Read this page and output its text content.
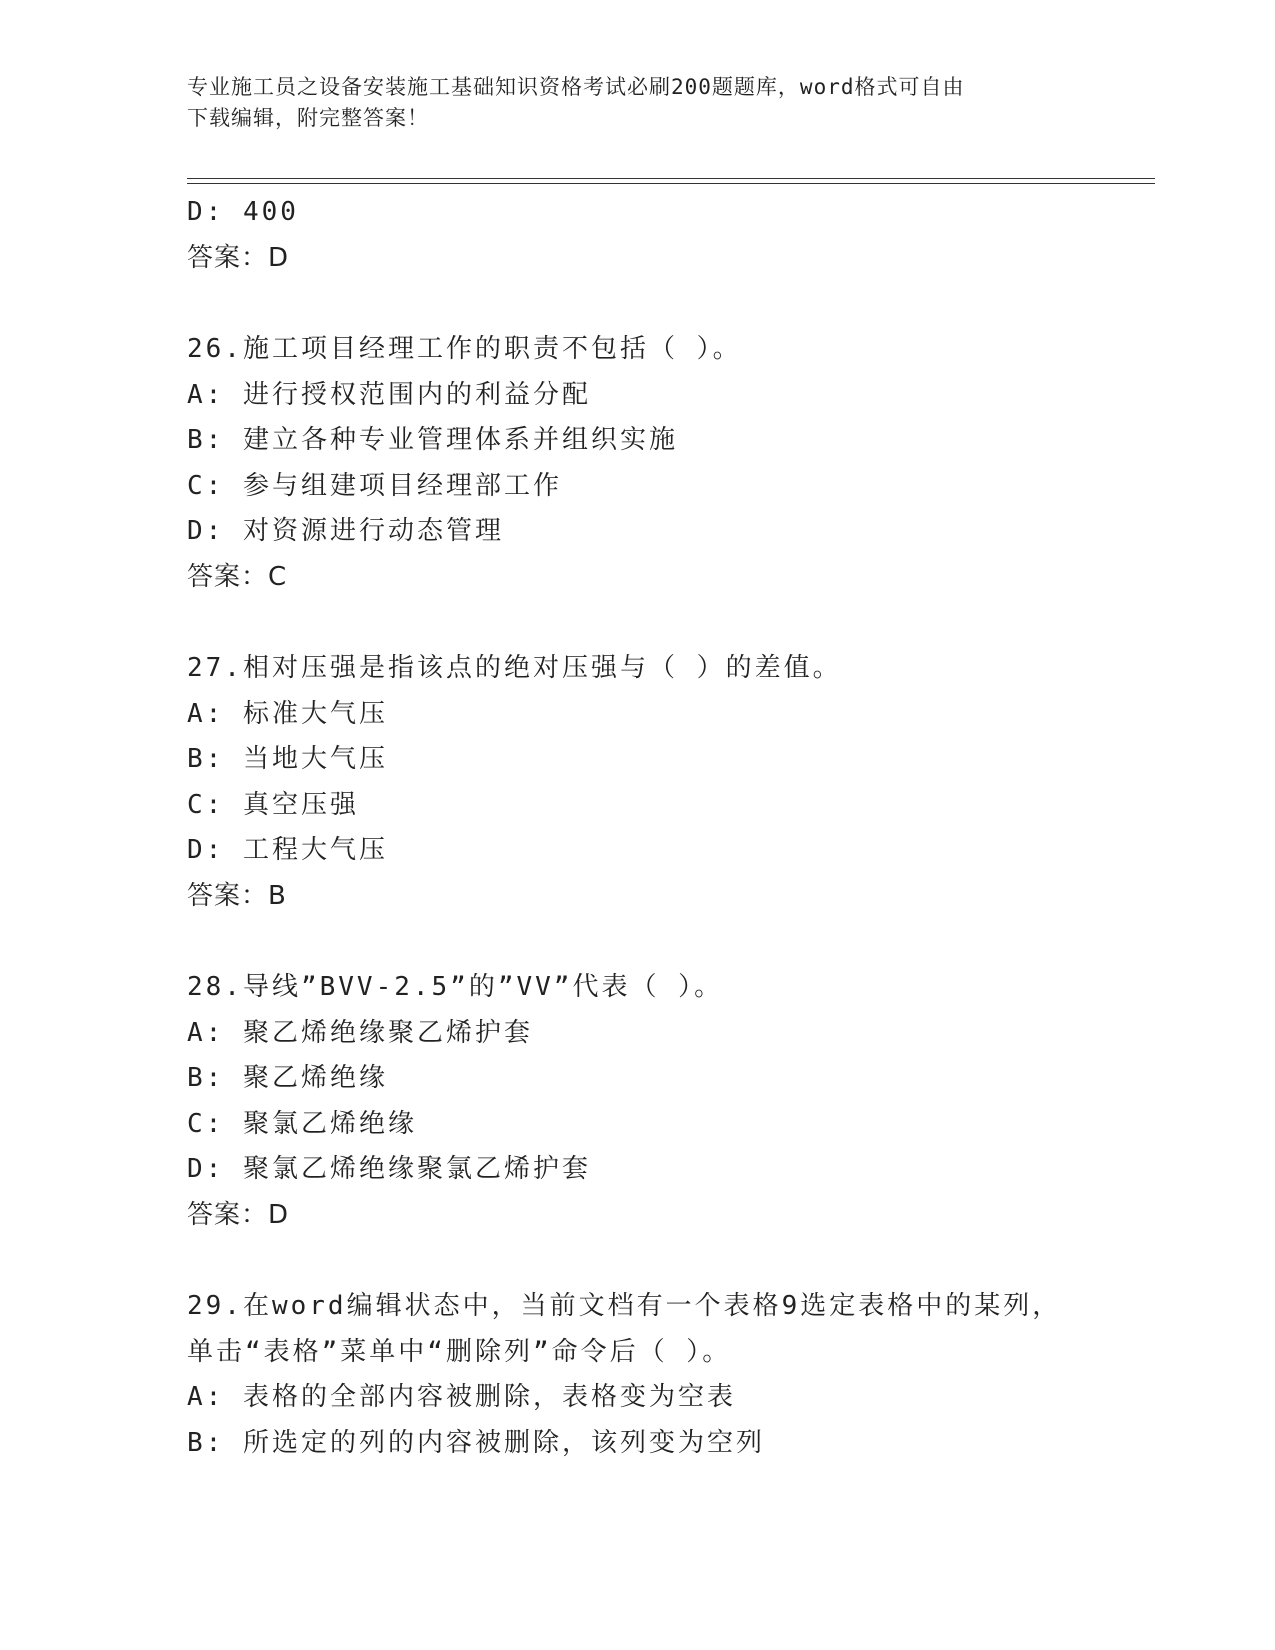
专业施工员之设备安装施工基础知识资格考试必刷200题题库，word格式可自由
下载编辑，附完整答案！
D: 400
答案：D
26.施工项目经理工作的职责不包括（ ）。
A: 进行授权范围内的利益分配
B: 建立各种专业管理体系并组织实施
C: 参与组建项目经理部工作
D: 对资源进行动态管理
答案：C
27.相对压强是指该点的绝对压强与（ ）的差值。
A: 标准大气压
B: 当地大气压
C: 真空压强
D: 工程大气压
答案：B
28.导线”BVV-2.5”的”VV”代表（ ）。
A: 聚乙烯绝缘聚乙烯护套
B: 聚乙烯绝缘
C: 聚氯乙烯绝缘
D: 聚氯乙烯绝缘聚氯乙烯护套
答案：D
29.在word编辑状态中，当前文档有一个表格9选定表格中的某列，
单击“表格”菜单中“删除列”命令后（ ）。
A: 表格的全部内容被删除，表格变为空表
B: 所选定的列的内容被删除，该列变为空列
